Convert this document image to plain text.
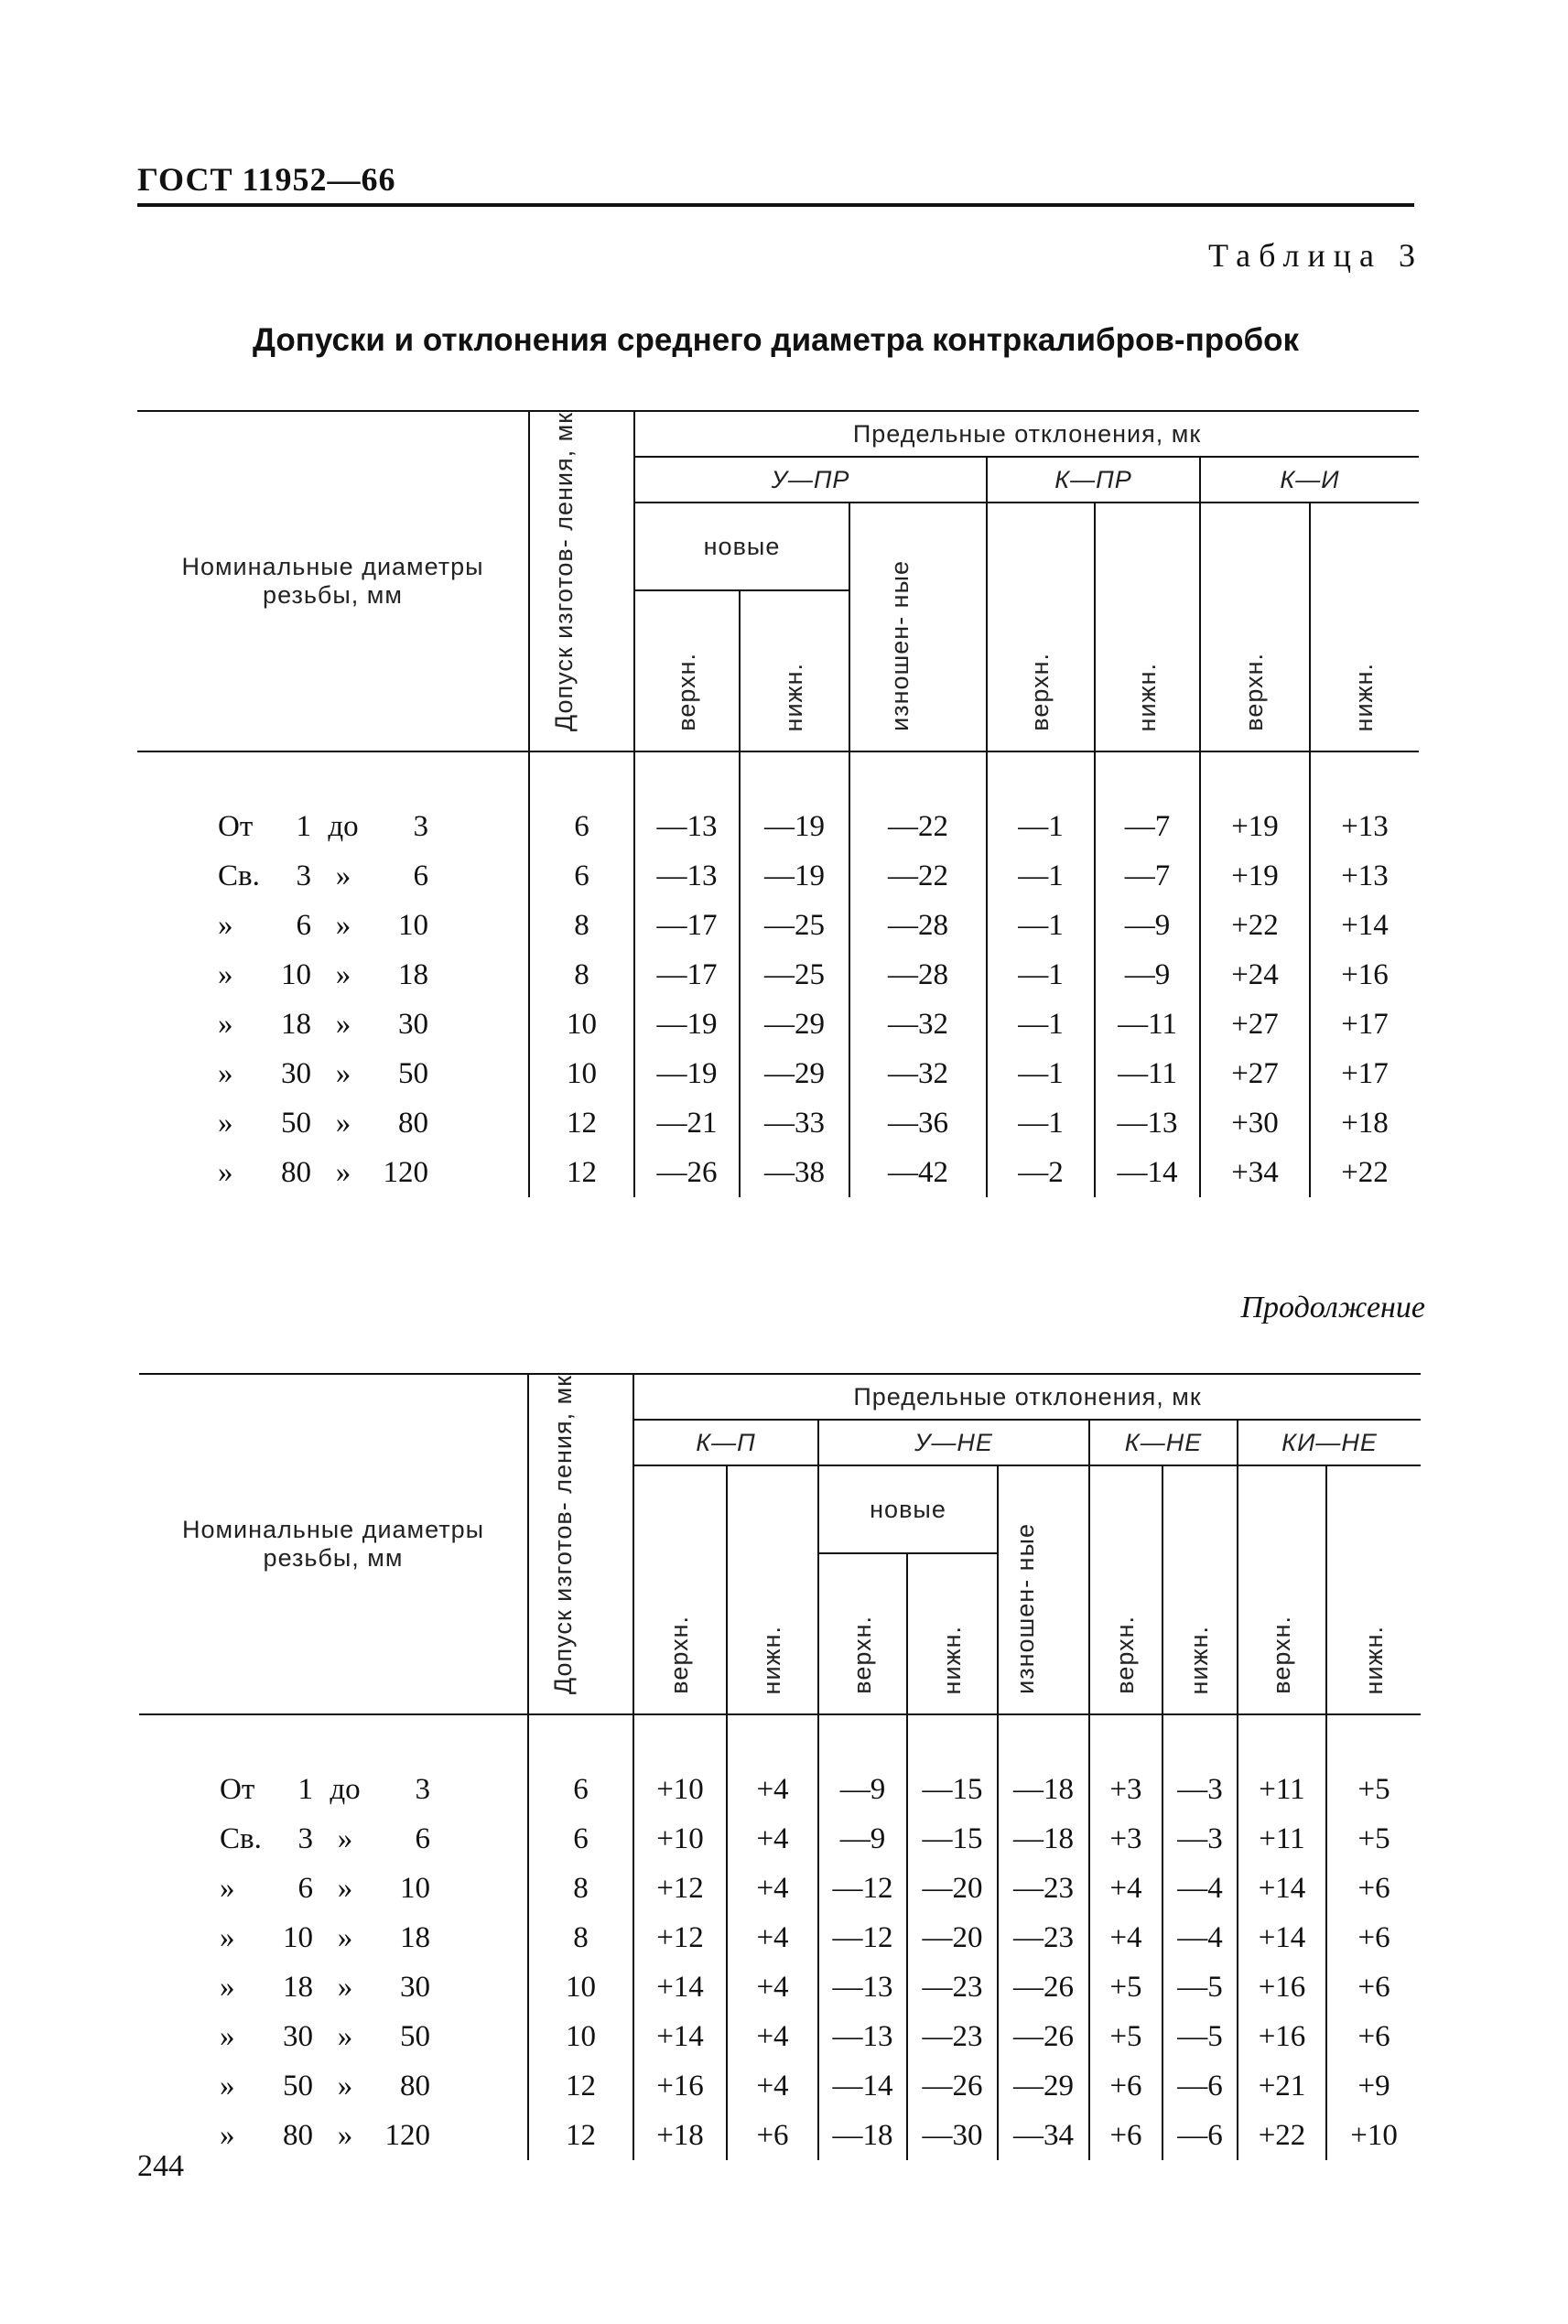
ГОСТ 11952—66
Таблица 3
Допуски и отклонения среднего диаметра контркалибров-пробок
Номинальные диаметры резьбы, мм	Допуск изготов- ления, мк	Предельные отклонения, мк						
		У—ПР			К—ПР		К—И	
		новые		изношен- ные	верхн.	нижн.	верхн.	нижн.
		верхн.	нижн.					

От 1 до 3	6	—13	—19	—22	—1	—7	+19	+13
Св. 3 » 6	6	—13	—19	—22	—1	—7	+19	+13
» 6 » 10	8	—17	—25	—28	—1	—9	+22	+14
» 10 » 18	8	—17	—25	—28	—1	—9	+24	+16
» 18 » 30	10	—19	—29	—32	—1	—11	+27	+17
» 30 » 50	10	—19	—29	—32	—1	—11	+27	+17
» 50 » 80	12	—21	—33	—36	—1	—13	+30	+18
» 80 » 120	12	—26	—38	—42	—2	—14	+34	+22
Продолжение
Номинальные диаметры резьбы, мм	Допуск изготов- ления, мк	Предельные отклонения, мк								
		К—П		У—НЕ			К—НЕ		КИ—НЕ	
		верхн.	нижн.	новые		изношен- ные	верхн.	нижн.	верхн.	нижн.
				верхн.	нижн.					

От 1 до 3	6	+10	+4	—9	—15	—18	+3	—3	+11	+5
Св. 3 » 6	6	+10	+4	—9	—15	—18	+3	—3	+11	+5
» 6 » 10	8	+12	+4	—12	—20	—23	+4	—4	+14	+6
» 10 » 18	8	+12	+4	—12	—20	—23	+4	—4	+14	+6
» 18 » 30	10	+14	+4	—13	—23	—26	+5	—5	+16	+6
» 30 » 50	10	+14	+4	—13	—23	—26	+5	—5	+16	+6
» 50 » 80	12	+16	+4	—14	—26	—29	+6	—6	+21	+9
» 80 » 120	12	+18	+6	—18	—30	—34	+6	—6	+22	+10
244
